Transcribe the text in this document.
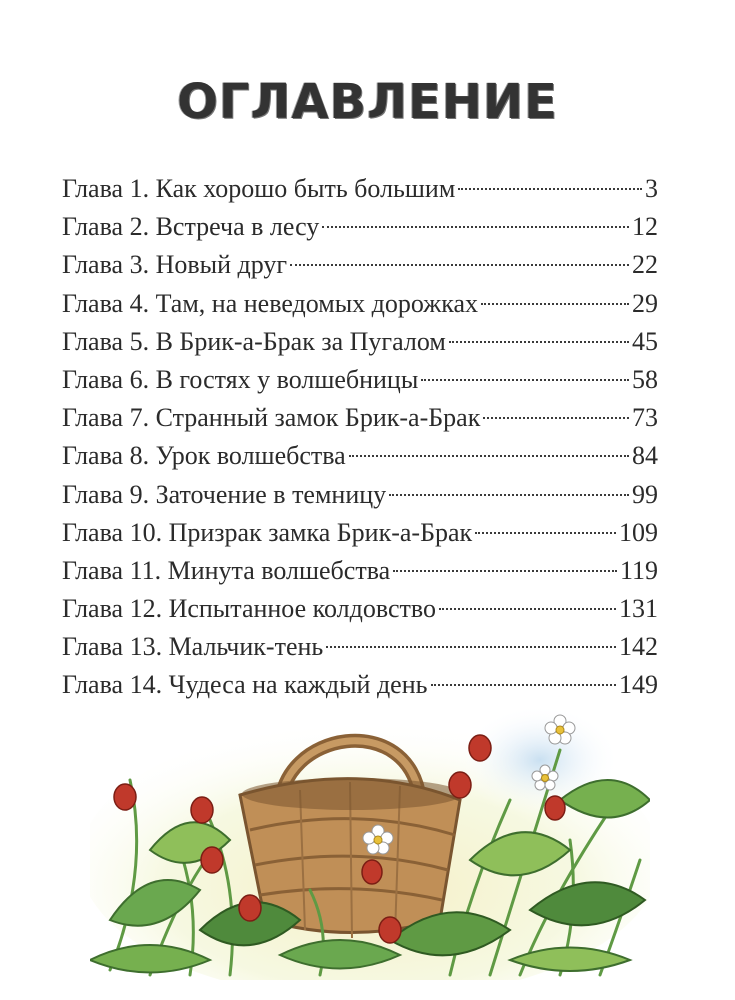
ОГЛАВЛЕНИЕ
Глава 1. Как хорошо быть большим	3
Глава 2. Встреча в лесу	12
Глава 3. Новый друг	22
Глава 4. Там, на неведомых дорожках	29
Глава 5. В Брик-а-Брак за Пугалом	45
Глава 6. В гостях у волшебницы	58
Глава 7. Странный замок Брик-а-Брак	73
Глава 8. Урок волшебства	84
Глава 9. Заточение в темницу	99
Глава 10. Призрак замка Брик-а-Брак	109
Глава 11. Минута волшебства	119
Глава 12. Испытанное колдовство	131
Глава 13. Мальчик-тень	142
Глава 14. Чудеса на каждый день	149
